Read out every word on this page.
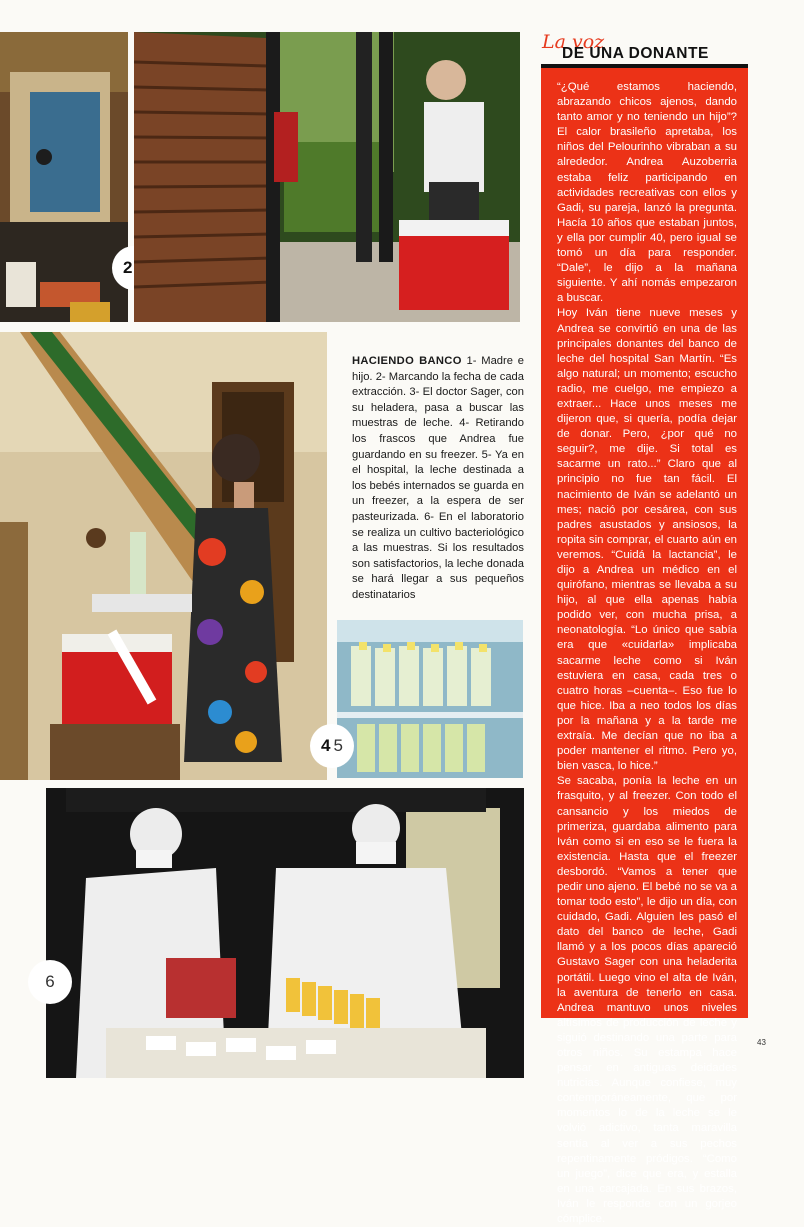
2
4 5
6
HACIENDO BANCO 1- Madre e hijo. 2- Marcando la fecha de cada extracción. 3- El doctor Sager, con su heladera, pasa a buscar las muestras de leche. 4- Retirando los frascos que Andrea fue guardando en su freezer. 5- Ya en el hospital, la leche destinada a los bebés internados se guarda en un freezer, a la espera de ser pasteurizada. 6- En el laboratorio se realiza un cultivo bacteriológico a las muestras. Si los resultados son satisfactorios, la leche donada se hará llegar a sus pequeños destinatarios
La voz
DE UNA DONANTE

“¿Qué estamos haciendo, abrazando chicos ajenos, dando tanto amor y no teniendo un hijo”? El calor brasileño apretaba, los niños del Pelourinho vibraban a su alrededor. Andrea Auzoberria estaba feliz participando en actividades recreativas con ellos y Gadi, su pareja, lanzó la pregunta. Hacía 10 años que estaban juntos, y ella por cumplir 40, pero igual se tomó un día para responder. “Dale”, le dijo a la mañana siguiente. Y ahí nomás empezaron a buscar.

Hoy Iván tiene nueve meses y Andrea se convirtió en una de las principales donantes del banco de leche del hospital San Martín. “Es algo natural; un momento; escucho radio, me cuelgo, me empiezo a extraer... Hace unos meses me dijeron que, si quería, podía dejar de donar. Pero, ¿por qué no seguir?, me dije. Si total es sacarme un rato...” Claro que al principio no fue tan fácil. El nacimiento de Iván se adelantó un mes; nació por cesárea, con sus padres asustados y ansiosos, la ropita sin comprar, el cuarto aún en veremos. “Cuidá la lactancia”, le dijo a Andrea un médico en el quirófano, mientras se llevaba a su hijo, al que ella apenas había podido ver, con mucha prisa, a neonatología. “Lo único que sabía era que «cuidarla» implicaba sacarme leche como si Iván estuviera en casa, cada tres o cuatro horas –cuenta–. Eso fue lo que hice. Iba a neo todos los días por la mañana y a la tarde me extraía. Me decían que no iba a poder mantener el ritmo. Pero yo, bien vasca, lo hice.”

Se sacaba, ponía la leche en un frasquito, y al freezer. Con todo el cansancio y los miedos de primeriza, guardaba alimento para Iván como si en eso se le fuera la existencia. Hasta que el freezer desbordó. “Vamos a tener que pedir uno ajeno. El bebé no se va a tomar todo esto”, le dijo un día, con cuidado, Gadi. Alguien les pasó el dato del banco de leche, Gadi llamó y a los pocos días apareció Gustavo Sager con una heladerita portátil. Luego vino el alta de Iván, la aventura de tenerlo en casa. Andrea mantuvo unos niveles altísimos de producción de leche y siguió destinando una parte para otros niños. Su estampa hace pensar en antiguas deidades nutricias. Aunque confiese, muy contemporáneamente, que por momentos lo de la leche se le volvió adictivo, tanta maravilla sentía al ver a sus pechos repentinamente pródigos. “Como un juego”, dice que era, y estalla en una carcajada. En sus brazos, Iván le responde con un gorjeo cómplice.

43
